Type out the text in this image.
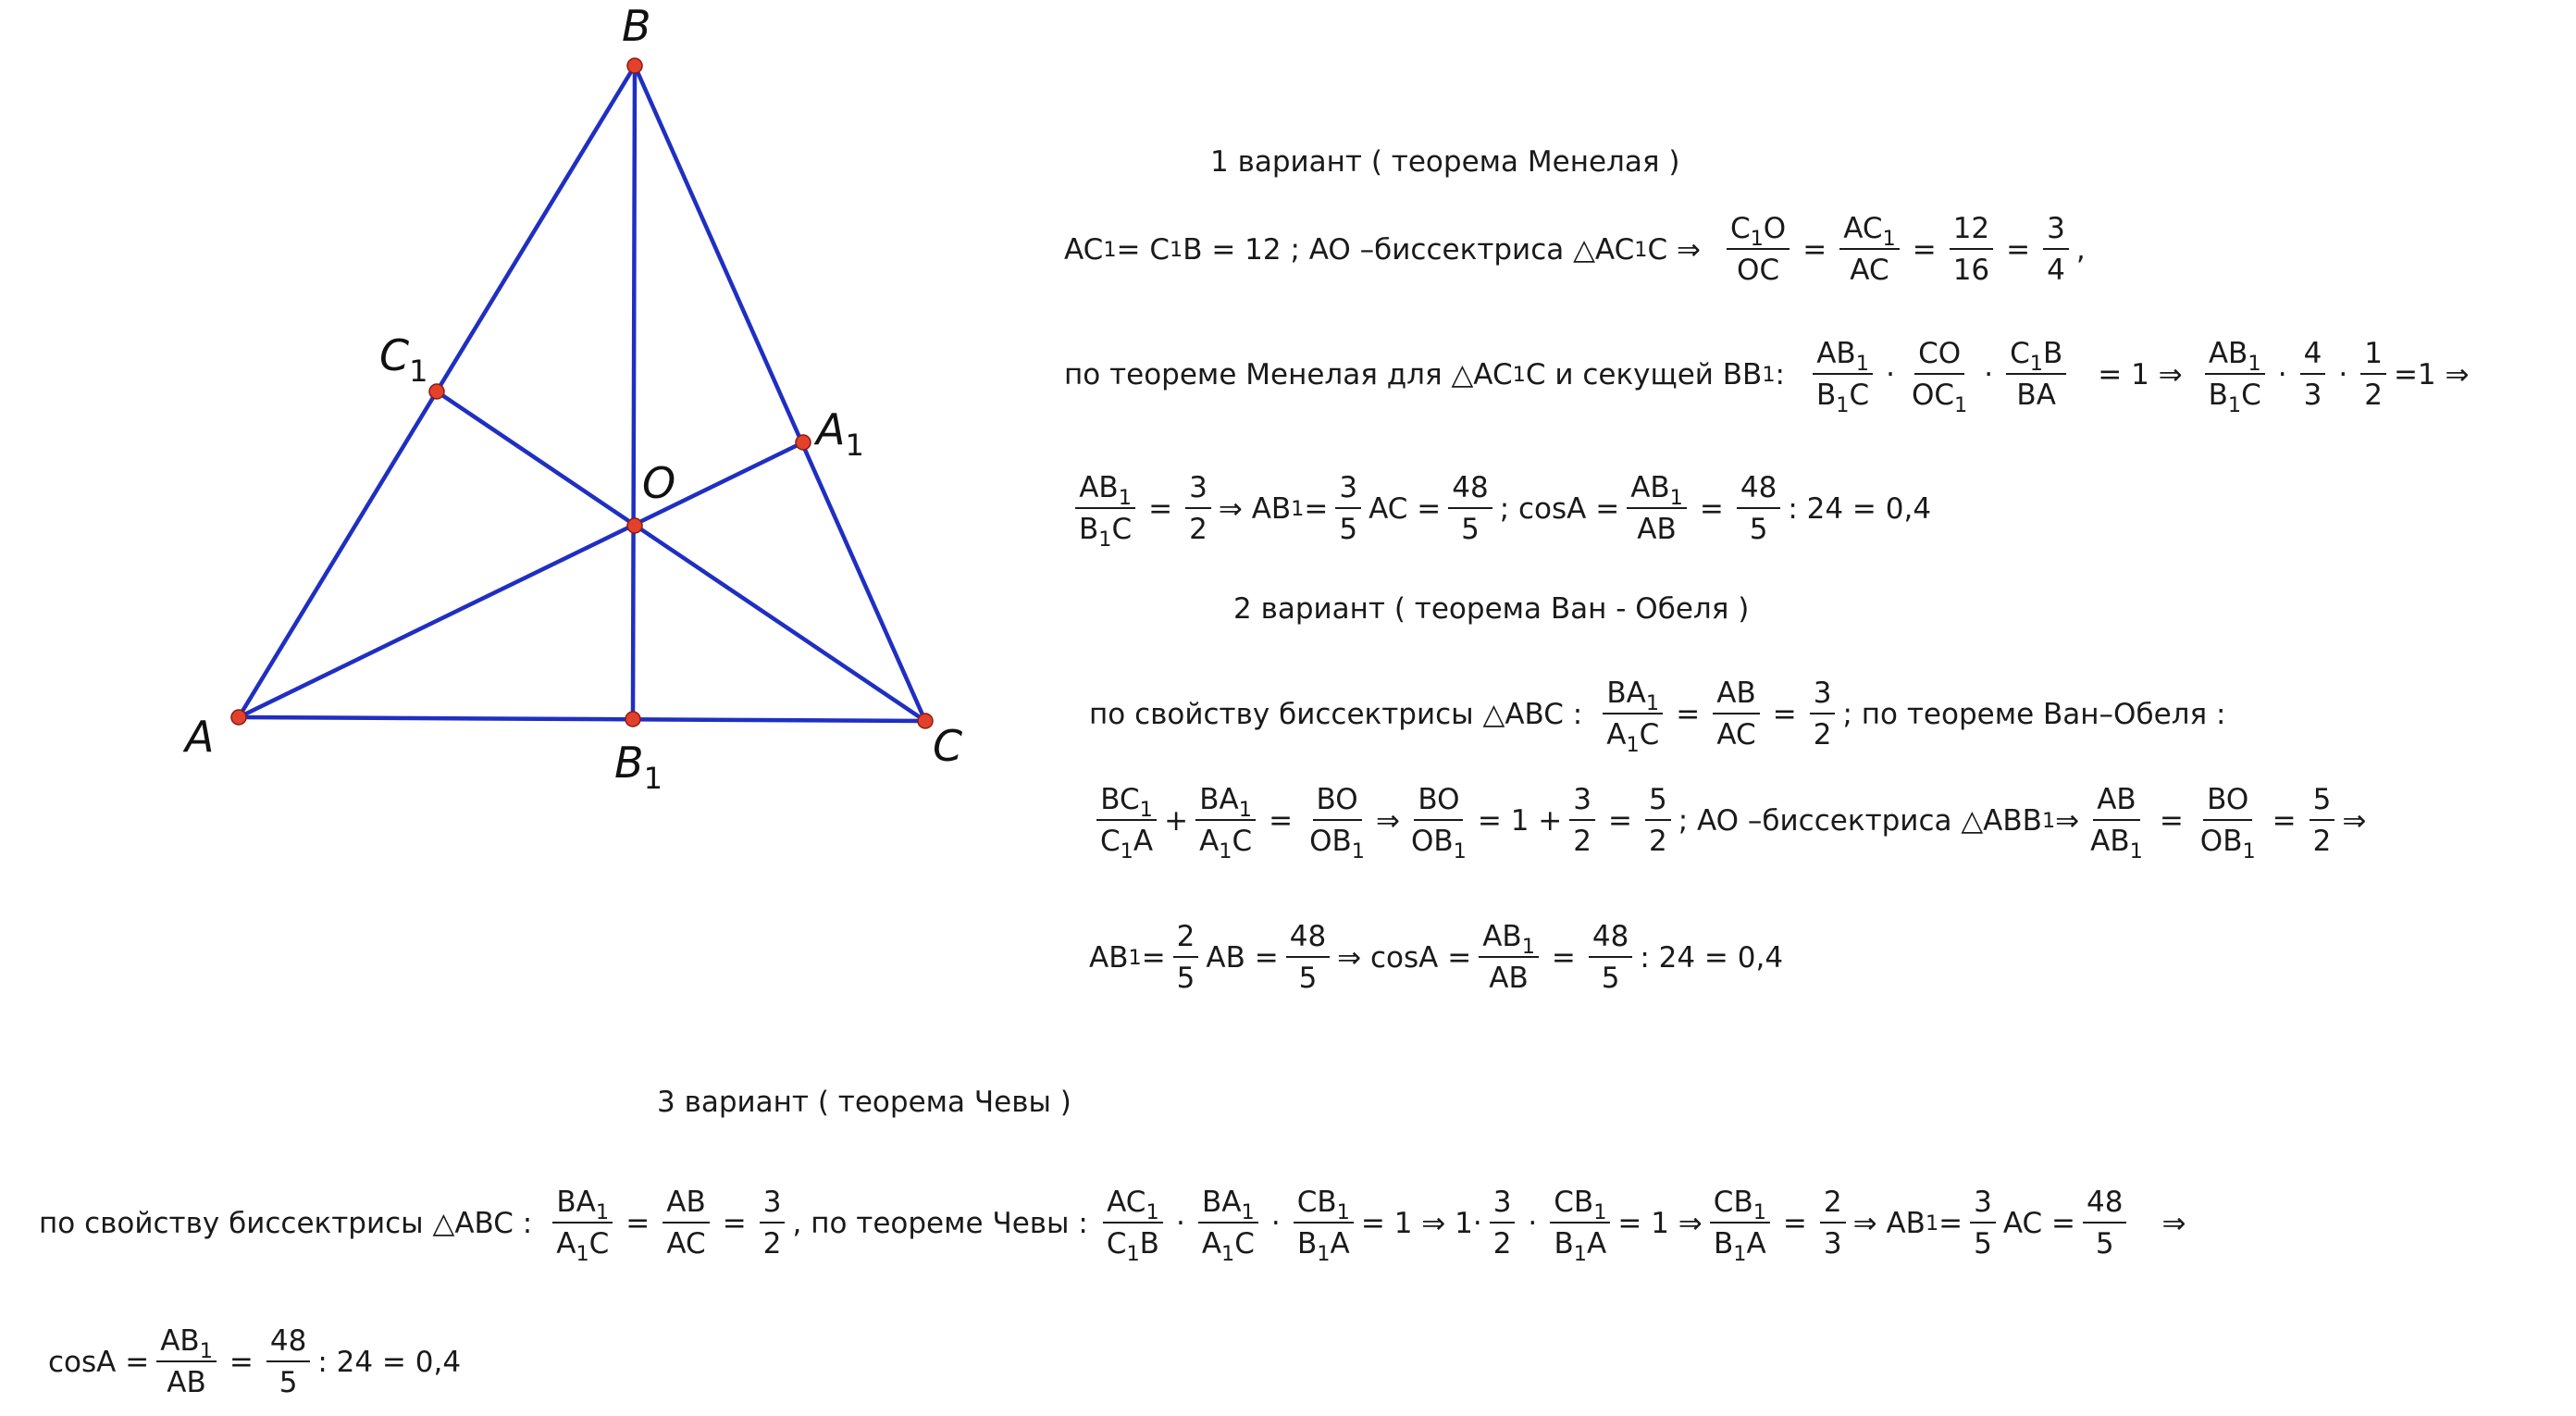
A
B
C
$C_1$
$A_1$
$B_1$
O
1 вариант ( теорема Менелая )
AC 1 = C 1 B = 12 ; AO –биссектриса △AC 1 C ⇒ $\frac{C_1O}{OC} = \frac{AC_1}{AC} = \frac{12}{16} = \frac{3}{4}$ ,
по теореме Менелая для △AC 1 C и секущей BB 1 : $\frac{AB_1}{B_1C} \cdot \frac{CO}{OC_1} \cdot \frac{C_1B}{BA} = 1$ ⇒ $\frac{AB_1}{B_1C} \cdot \frac{4}{3} \cdot \frac{1}{2} =1$ ⇒
$\frac{AB_1}{B_1C} = \frac{3}{2}$ ⇒ AB $1 = \frac{3}{5}$ AC = $\frac{48}{5}$ ; $\cos A = \frac{AB_1}{AB} = \frac{48}{5}$ : 24 = 0,4
2 вариант ( теорема Ван - Обеля )
по свойству биссектрисы △ABC : $\frac{BA_1}{A_1C} = \frac{AB}{AC} = \frac{3}{2}$ ; по теореме Ван–Обеля :
$\frac{BC_1}{C_1A} + \frac{BA_1}{A_1C} = \frac{BO}{OB_1}$ ⇒ $\frac{BO}{OB_1} = 1 + \frac{3}{2} = \frac{5}{2}$ ; AO –биссектриса △ABB 1 ⇒ $\frac{AB}{AB_1} = \frac{BO}{OB_1} = \frac{5}{2}$ ⇒
AB $1 = \frac{2}{5}$ AB = $\frac{48}{5}$ ⇒ $\cos A = \frac{AB_1}{AB} = \frac{48}{5}$ : 24 = 0,4
3 вариант ( теорема Чевы )
по свойству биссектрисы △ABC : $\frac{BA_1}{A_1C} = \frac{AB}{AC} = \frac{3}{2}$ , по теореме Чевы : $\frac{AC_1}{C_1B} \cdot \frac{BA_1}{A_1C} \cdot \frac{CB_1}{B_1A} = 1$ ⇒ $1\cdot \frac{3}{2} \cdot \frac{CB_1}{B_1A} = 1$ ⇒ $\frac{CB_1}{B_1A} = \frac{2}{3}$ ⇒ AB $1 = \frac{3}{5}$ AC = $\frac{48}{5}$ ⇒
$\cos A = \frac{AB_1}{AB} = \frac{48}{5}$ : 24 = 0,4
